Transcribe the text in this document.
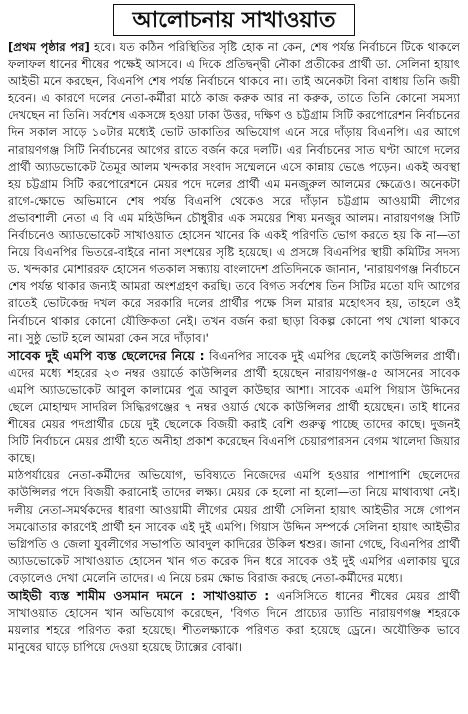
আলোচনায় সাখাওয়াত

[প্রথম পৃষ্ঠার পর] হবে। যত কঠিন পরিস্থিতির সৃষ্টি হোক না কেন, শেষ পর্যন্ত নির্বাচনে টিকে থাকলে ফলাফল ধানের শীষের পক্ষেই আসবে। এ দিকে প্রতিদ্বন্দ্বী নৌকা প্রতীকের প্রার্থী ডা. সেলিনা হায়াৎ আইভী মনে করছেন, বিএনপি শেষ পর্যন্ত নির্বাচনে থাকবে না। তাই অনেকটা বিনা বাধায় তিনি জয়ী হবেন। এ কারণে দলের নেতা-কর্মীরা মাঠে কাজ করুক আর না করুক, তাতে তিনি কোনো সমস্যা দেখছেন না তিনি। সর্বশেষ একসঙ্গে হওয়া ঢাকা উত্তর, দক্ষিণ ও চট্টগ্রাম সিটি করপোরেশন নির্বাচনের দিন সকাল সাড়ে ১০টার মধ্যেই ভোট ডাকাতির অভিযোগ এনে সরে দাঁড়ায় বিএনপি। এর আগে নারায়ণগঞ্জ সিটি নির্বাচনের আগের রাতে বর্জন করে দলটি। এর নির্বাচনের সাত ঘণ্টা আগে দলের প্রার্থী অ্যাডভোকেট তৈমূর আলম খন্দকার সংবাদ সম্মেলনে এসে কান্নায় ভেঙে পড়েন। একই অবস্থা হয় চট্টগ্রাম সিটি করপোরেশনে মেয়র পদে দলের প্রার্থী এম মনজুরুল আলমের ক্ষেত্রেও। অনেকটা রাগে-ক্ষোভে অভিমানে শেষ পর্যন্ত বিএনপি থেকেও সরে দাঁড়ান চট্টগ্রাম আওয়ামী লীগের প্রভাবশালী নেতা এ বি এম মহিউদ্দিন চৌধুরীর এক সময়ের শিষ্য মনজুর আলম। নারায়ণগঞ্জ সিটি নির্বাচনেও অ্যাডভোকেট সাখাওয়াত হোসেন খানের কি একই পরিণতি ভোগ করতে হয় কি না—তা নিয়ে বিএনপির ভিতরে-বাইরে নানা সংশয়ের সৃষ্টি হয়েছে। এ প্রসঙ্গে বিএনপির স্থায়ী কমিটির সদস্য ড. খন্দকার মোশাররফ হোসেন গতকাল সন্ধ্যায় বাংলাদেশ প্রতিদিনকে জানান, 'নারায়ণগঞ্জ নির্বাচনে শেষ পর্যন্ত থাকার জন্যই আমরা অংশগ্রহণ করছি। তবে বিগত সর্বশেষ তিন সিটির মতো যদি আগের রাতেই ভোটকেন্দ্র দখল করে সরকারি দলের প্রার্থীর পক্ষে সিল মারার মহোৎসব হয়, তাহলে ওই নির্বাচনে থাকার কোনো যৌক্তিকতা নেই। তখন বর্জন করা ছাড়া বিকল্প কোনো পথ খোলা থাকবে না। সুষ্ঠু ভোট হলে আমরা কেন সরে দাঁড়াব।'

সাবেক দুই এমপি ব্যস্ত ছেলেদের নিয়ে : বিএনপির সাবেক দুই এমপির ছেলেই কাউন্সিলর প্রার্থী। এদের মধ্যে শহরের ২৩ নম্বর ওয়ার্ডে কাউন্সিলর প্রার্থী হয়েছেন নারায়ণগঞ্জ-৫ আসনের সাবেক এমপি অ্যাডভোকেট আবুল কালামের পুত্র আবুল কাউছার আশা। সাবেক এমপি গিয়াস উদ্দিনের ছেলে মোহাম্মদ সাদরিল সিদ্ধিরগঞ্জের ৭ নম্বর ওয়ার্ড থেকে কাউন্সিলর প্রার্থী হয়েছেন। তাই ধানের শীষের মেয়র পদপ্রার্থীর চেয়ে দুই ছেলেকে বিজয়ী করাই বেশি গুরুত্ব পাচ্ছে তাদের কাছে। দুজনই সিটি নির্বাচনে মেয়র প্রার্থী হতে অনীহা প্রকাশ করেছেন বিএনপি চেয়ারপারসন বেগম খালেদা জিয়ার কাছে।

মাঠপর্যায়ের নেতা-কর্মীদের অভিযোগ, ভবিষ্যতে নিজেদের এমপি হওয়ার পাশাপাশি ছেলেদের কাউন্সিলর পদে বিজয়ী করানোই তাদের লক্ষ্য। মেয়র কে হলো না হলো—তা নিয়ে মাথাব্যথা নেই। দলীয় নেতা-সমর্থকদের ধারণা আওয়ামী লীগের মেয়র প্রার্থী সেলিনা হায়াৎ আইভীর সঙ্গে গোপন সমঝোতার কারণেই প্রার্থী হন সাবেক এই দুই এমপি। গিয়াস উদ্দিন সম্পর্কে সেলিনা হায়াৎ আইভীর ভগ্নিপতি ও জেলা যুবলীগের সভাপতি আবদুল কাদিরের উকিল শ্বশুর। জানা গেছে, বিএনপির প্রার্থী অ্যাডভোকেট সাখাওয়াত হোসেন খান গত করেক দিন ধরে সাবেক ওই দুই এমপির এলাকায় ঘুরে বেড়ালেও দেখা মেলেনি তাদের। এ নিয়ে চরম ক্ষোভ বিরাজ করছে নেতা-কর্মীদের মধ্যে।

আইভী ব্যস্ত শামীম ওসমান দমনে : সাখাওয়াত : এনসিসিতে ধানের শীষের মেয়র প্রার্থী সাখাওয়াত হোসেন খান অভিযোগ করেছেন, 'বিগত দিনে প্রাচ্যের ড্যান্ডি নারায়ণগঞ্জ শহরকে ময়লার শহরে পরিণত করা হয়েছে। শীতলক্ষ্যাকে পরিণত করা হয়েছে ড্রেনে। অযৌক্তিক ভাবে মানুষের ঘাড়ে চাপিয়ে দেওয়া হয়েছে ট্যাক্সের বোঝা।
